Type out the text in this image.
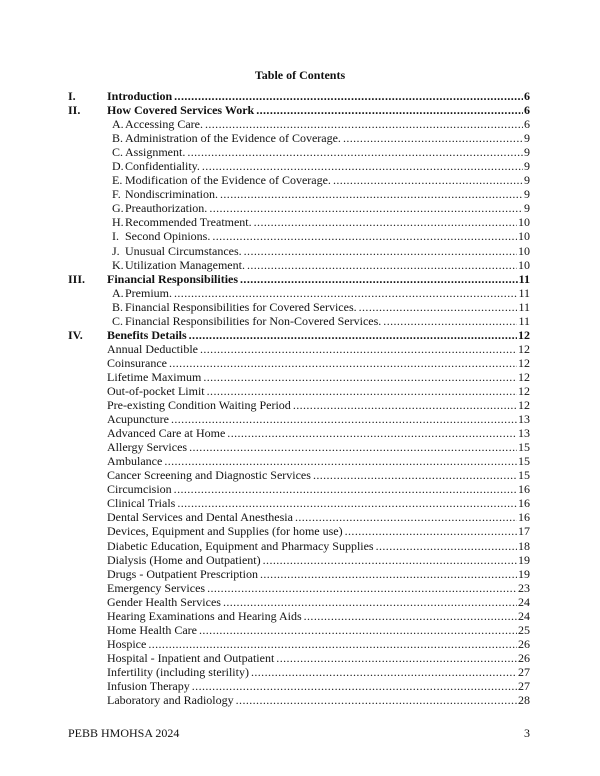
Table of Contents
I.	Introduction .....	6
II.	How Covered Services Work .....	6
A. Accessing Care. .....	6
B. Administration of the Evidence of Coverage. .....	9
C. Assignment. .....	9
D. Confidentiality. .....	9
E. Modification of the Evidence of Coverage. .....	9
F. Nondiscrimination. .....	9
G. Preauthorization. .....	9
H. Recommended Treatment. .....	10
I. Second Opinions. .....	10
J. Unusual Circumstances. .....	10
K. Utilization Management. .....	10
III.	Financial Responsibilities .....	11
A. Premium. .....	11
B. Financial Responsibilities for Covered Services. .....	11
C. Financial Responsibilities for Non-Covered Services. .....	11
IV.	Benefits Details .....	12
Annual Deductible .....	12
Coinsurance .....	12
Lifetime Maximum .....	12
Out-of-pocket Limit .....	12
Pre-existing Condition Waiting Period .....	12
Acupuncture .....	13
Advanced Care at Home .....	13
Allergy Services .....	15
Ambulance .....	15
Cancer Screening and Diagnostic Services .....	15
Circumcision .....	16
Clinical Trials .....	16
Dental Services and Dental Anesthesia .....	16
Devices, Equipment and Supplies (for home use) .....	17
Diabetic Education, Equipment and Pharmacy Supplies .....	18
Dialysis (Home and Outpatient) .....	19
Drugs - Outpatient Prescription .....	19
Emergency Services .....	23
Gender Health Services .....	24
Hearing Examinations and Hearing Aids .....	24
Home Health Care .....	25
Hospice .....	26
Hospital - Inpatient and Outpatient .....	26
Infertility (including sterility) .....	27
Infusion Therapy .....	27
Laboratory and Radiology .....	28
PEBB HMOHSA 2024	3
